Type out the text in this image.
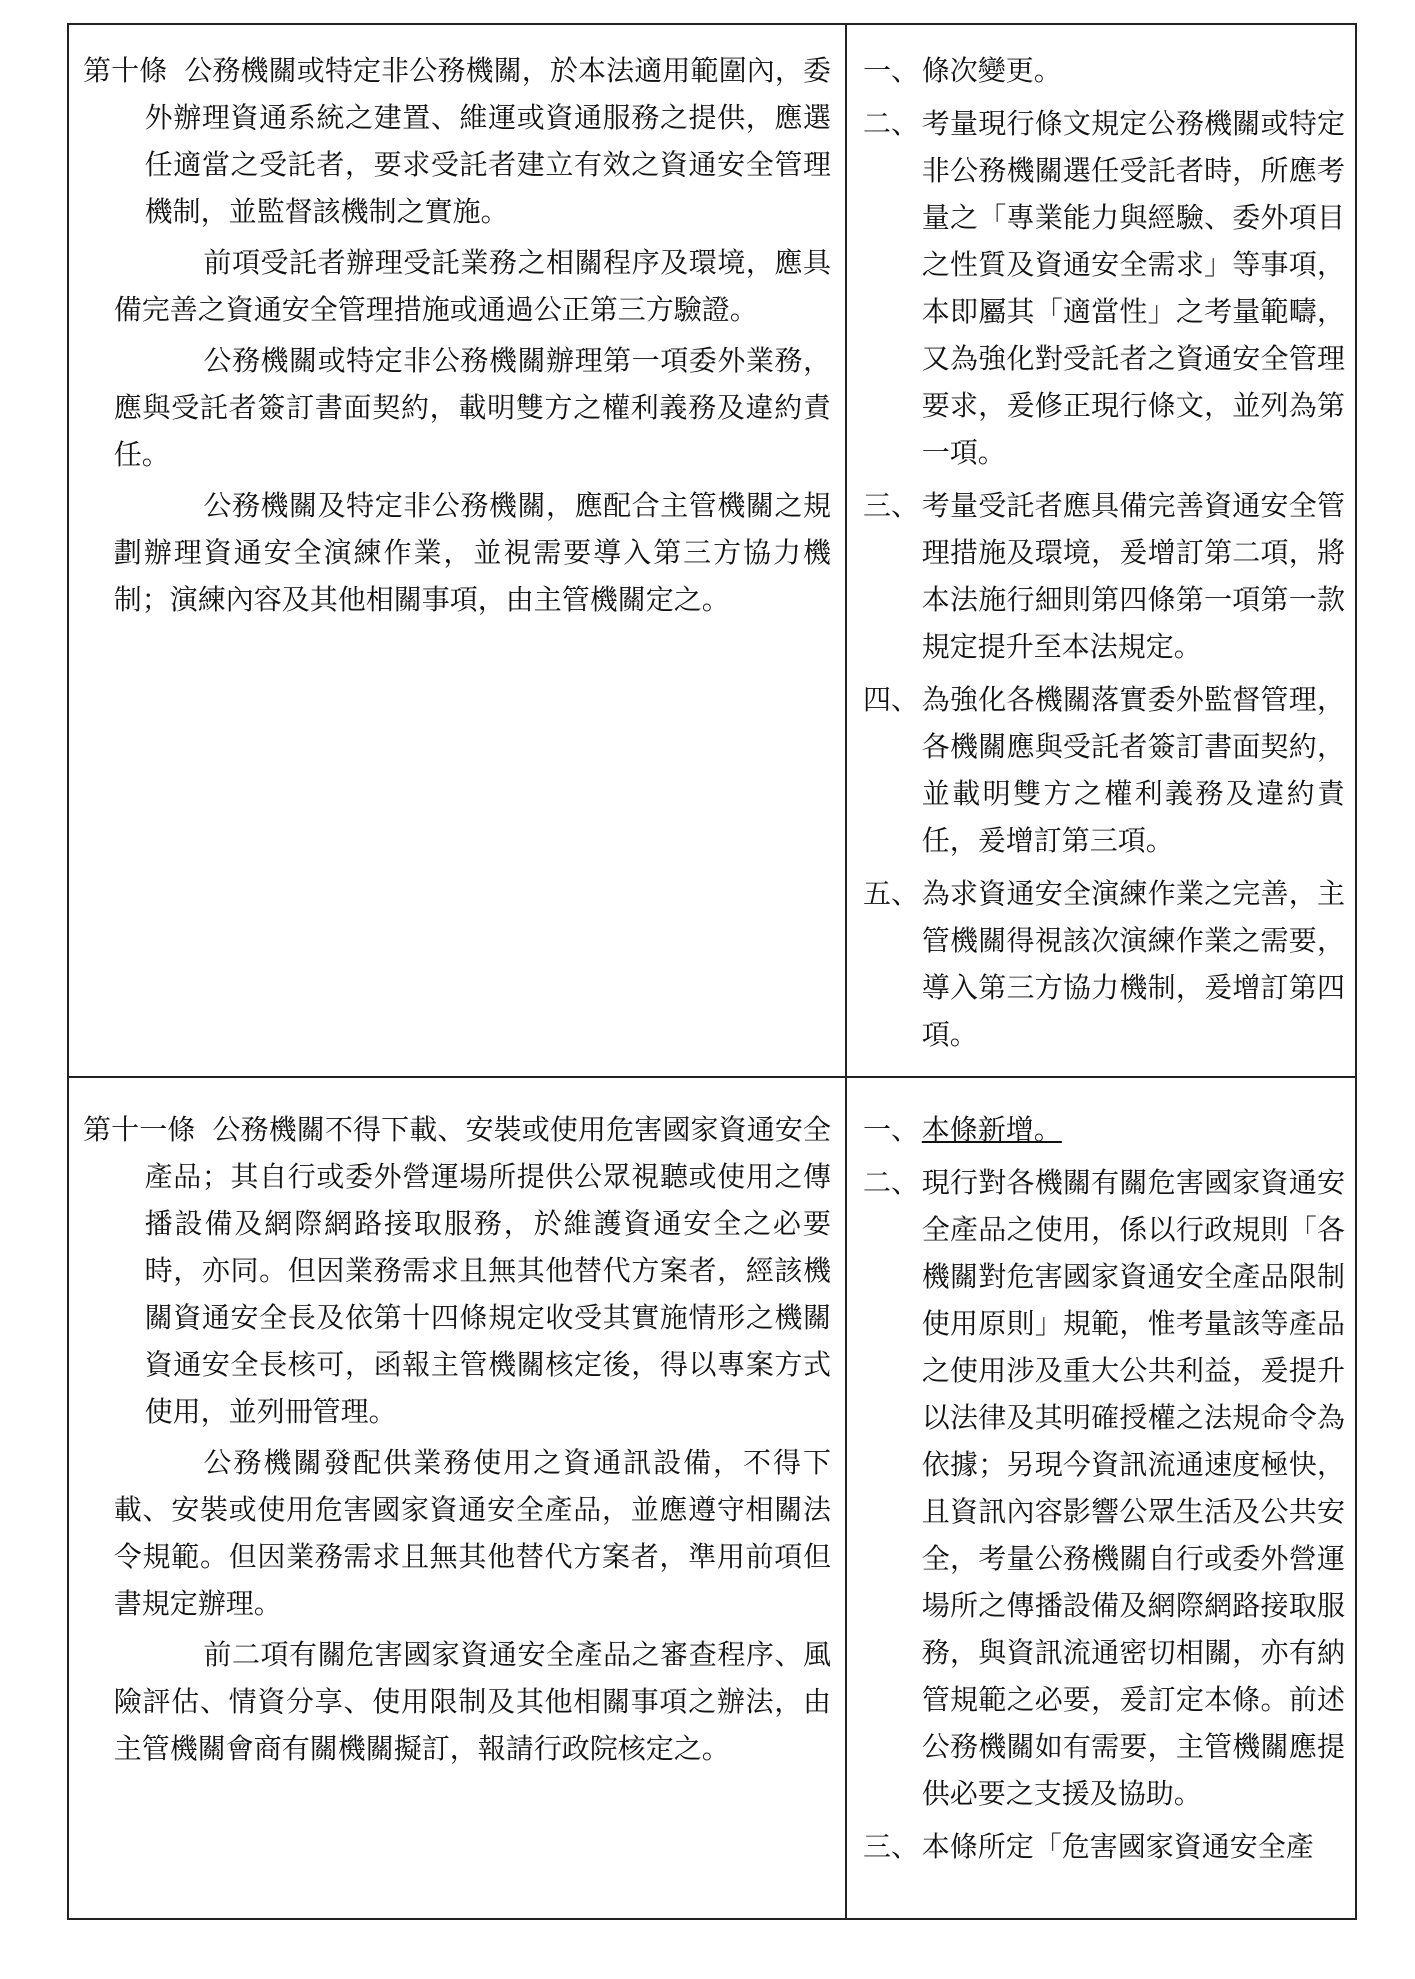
第十條 公務機關或特定非公務機關，於本法適用範圍內，委外辦理資通系統之建置、維運或資通服務之提供，應選任適當之受託者，要求受託者建立有效之資通安全管理機制，並監督該機制之實施。

前項受託者辦理受託業務之相關程序及環境，應具備完善之資通安全管理措施或通過公正第三方驗證。

公務機關或特定非公務機關辦理第一項委外業務，應與受託者簽訂書面契約，載明雙方之權利義務及違約責任。

公務機關及特定非公務機關，應配合主管機關之規劃辦理資通安全演練作業，並視需要導入第三方協力機制；演練內容及其他相關事項，由主管機關定之。

一、 條次變更。
二、 考量現行條文規定公務機關或特定非公務機關選任受託者時，所應考量之「專業能力與經驗、委外項目之性質及資通安全需求」等事項，本即屬其「適當性」之考量範疇，又為強化對受託者之資通安全管理要求，爰修正現行條文，並列為第一項。
三、 考量受託者應具備完善資通安全管理措施及環境，爰增訂第二項，將本法施行細則第四條第一項第一款規定提升至本法規定。
四、 為強化各機關落實委外監督管理，各機關應與受託者簽訂書面契約，並載明雙方之權利義務及違約責任，爰增訂第三項。
五、 為求資通安全演練作業之完善，主管機關得視該次演練作業之需要，導入第三方協力機制，爰增訂第四項。

第十一條 公務機關不得下載、安裝或使用危害國家資通安全產品；其自行或委外營運場所提供公眾視聽或使用之傳播設備及網際網路接取服務，於維護資通安全之必要時，亦同。但因業務需求且無其他替代方案者，經該機關資通安全長及依第十四條規定收受其實施情形之機關資通安全長核可，函報主管機關核定後，得以專案方式使用，並列冊管理。

公務機關發配供業務使用之資通訊設備，不得下載、安裝或使用危害國家資通安全產品，並應遵守相關法令規範。但因業務需求且無其他替代方案者，準用前項但書規定辦理。

前二項有關危害國家資通安全產品之審查程序、風險評估、情資分享、使用限制及其他相關事項之辦法，由主管機關會商有關機關擬訂，報請行政院核定之。

一、 本條新增。
二、 現行對各機關有關危害國家資通安全產品之使用，係以行政規則「各機關對危害國家資通安全產品限制使用原則」規範，惟考量該等產品之使用涉及重大公共利益，爰提升以法律及其明確授權之法規命令為依據；另現今資訊流通速度極快，且資訊內容影響公眾生活及公共安全，考量公務機關自行或委外營運場所之傳播設備及網際網路接取服務，與資訊流通密切相關，亦有納管規範之必要，爰訂定本條。前述公務機關如有需要，主管機關應提供必要之支援及協助。
三、 本條所定「危害國家資通安全產
